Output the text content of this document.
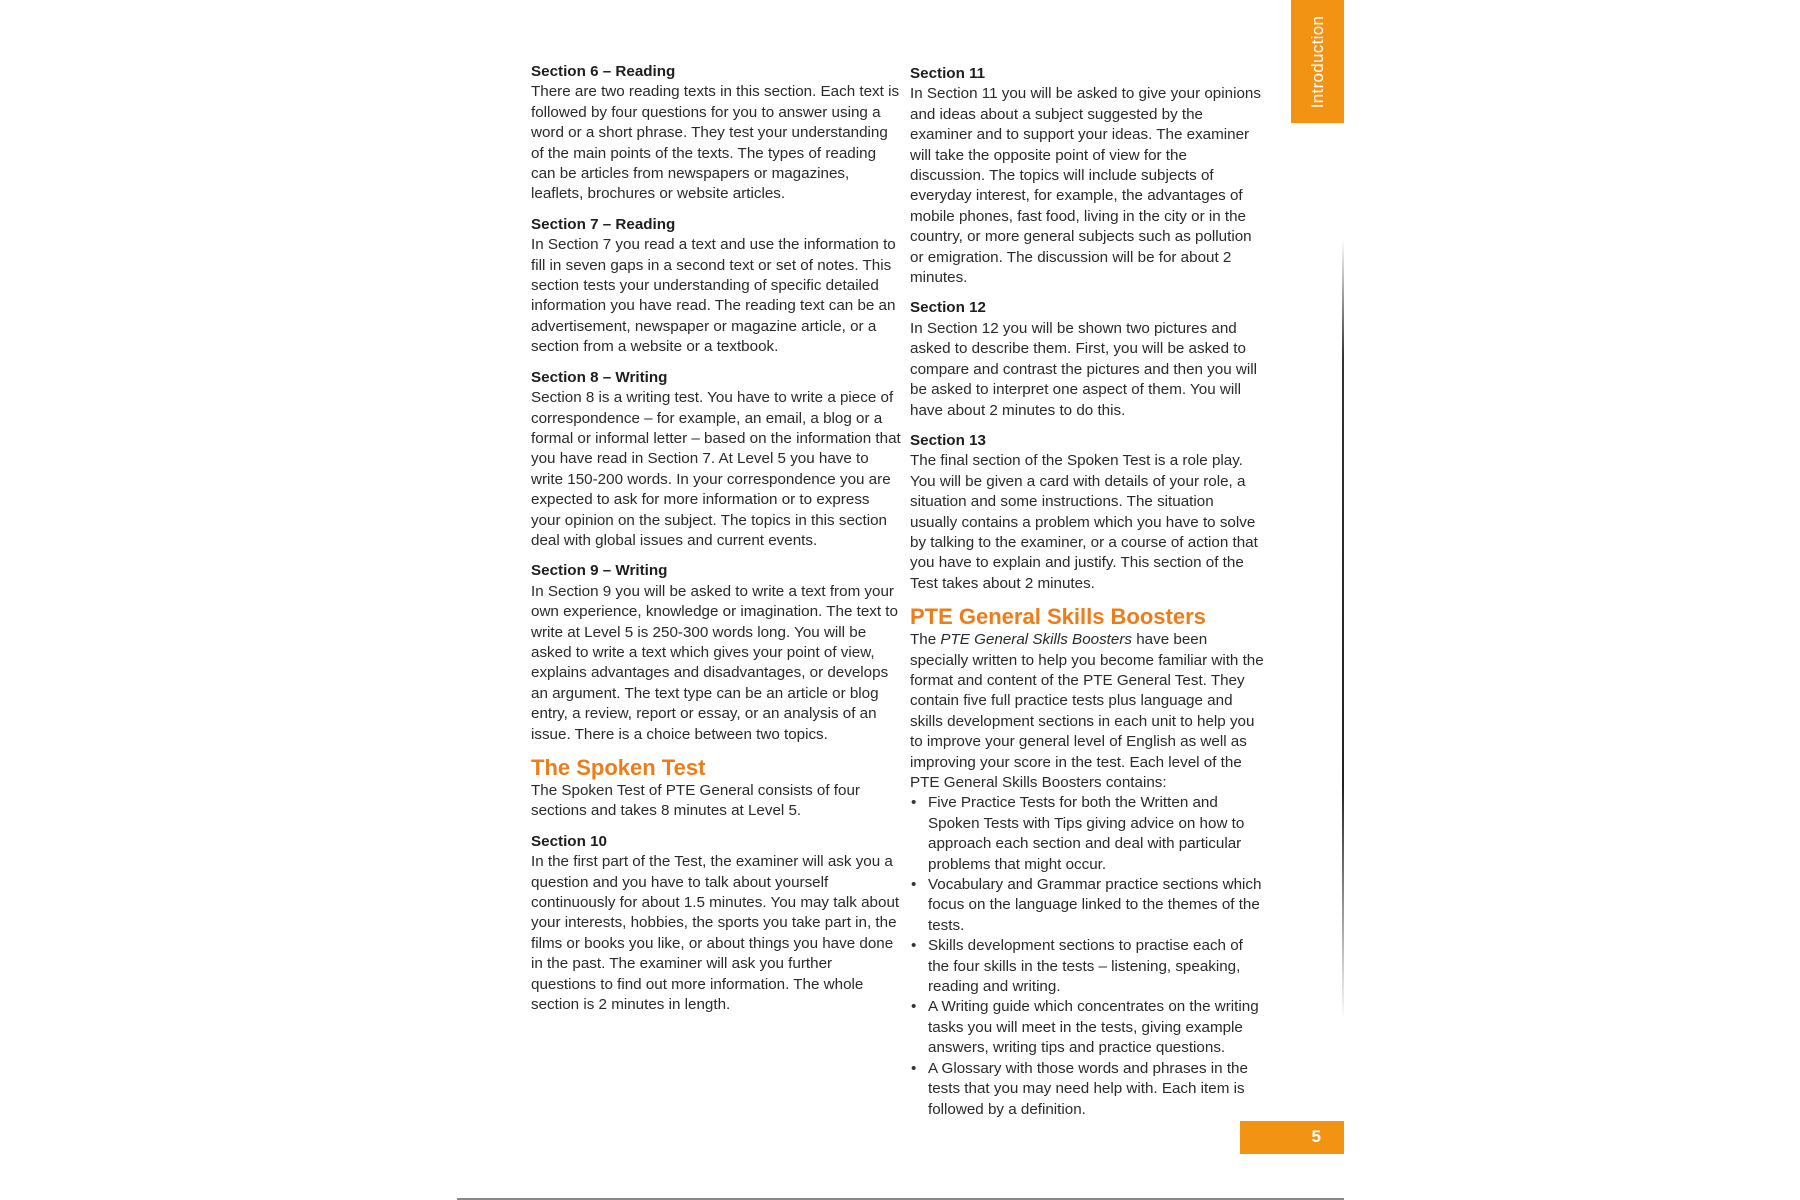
Introduction
Section 6 – Reading

There are two reading texts in this section. Each text is followed by four questions for you to answer using a word or a short phrase. They test your understanding of the main points of the texts. The types of reading can be articles from newspapers or magazines, leaflets, brochures or website articles.

Section 7 – Reading

In Section 7 you read a text and use the information to fill in seven gaps in a second text or set of notes. This section tests your understanding of specific detailed information you have read. The reading text can be an advertisement, newspaper or magazine article, or a section from a website or a textbook.

Section 8 – Writing

Section 8 is a writing test. You have to write a piece of correspondence – for example, an email, a blog or a formal or informal letter – based on the information that you have read in Section 7. At Level 5 you have to write 150-200 words. In your correspondence you are expected to ask for more information or to express your opinion on the subject. The topics in this section deal with global issues and current events.

Section 9 – Writing

In Section 9 you will be asked to write a text from your own experience, knowledge or imagination. The text to write at Level 5 is 250-300 words long. You will be asked to write a text which gives your point of view, explains advantages and disadvantages, or develops an argument. The text type can be an article or blog entry, a review, report or essay, or an analysis of an issue. There is a choice between two topics.

The Spoken Test

The Spoken Test of PTE General consists of four sections and takes 8 minutes at Level 5.

Section 10

In the first part of the Test, the examiner will ask you a question and you have to talk about yourself continuously for about 1.5 minutes. You may talk about your interests, hobbies, the sports you take part in, the films or books you like, or about things you have done in the past. The examiner will ask you further questions to find out more information. The whole section is 2 minutes in length.

Section 11

In Section 11 you will be asked to give your opinions and ideas about a subject suggested by the examiner and to support your ideas. The examiner will take the opposite point of view for the discussion. The topics will include subjects of everyday interest, for example, the advantages of mobile phones, fast food, living in the city or in the country, or more general subjects such as pollution or emigration. The discussion will be for about 2 minutes.

Section 12

In Section 12 you will be shown two pictures and asked to describe them. First, you will be asked to compare and contrast the pictures and then you will be asked to interpret one aspect of them. You will have about 2 minutes to do this.

Section 13

The final section of the Spoken Test is a role play. You will be given a card with details of your role, a situation and some instructions. The situation usually contains a problem which you have to solve by talking to the examiner, or a course of action that you have to explain and justify. This section of the Test takes about 2 minutes.

PTE General Skills Boosters

The PTE General Skills Boosters have been specially written to help you become familiar with the format and content of the PTE General Test. They contain five full practice tests plus language and skills development sections in each unit to help you to improve your general level of English as well as improving your score in the test. Each level of the PTE General Skills Boosters contains:

• Five Practice Tests for both the Written and Spoken Tests with Tips giving advice on how to approach each section and deal with particular problems that might occur.
• Vocabulary and Grammar practice sections which focus on the language linked to the themes of the tests.
• Skills development sections to practise each of the four skills in the tests – listening, speaking, reading and writing.
• A Writing guide which concentrates on the writing tasks you will meet in the tests, giving example answers, writing tips and practice questions.
• A Glossary with those words and phrases in the tests that you may need help with. Each item is followed by a definition.
5
